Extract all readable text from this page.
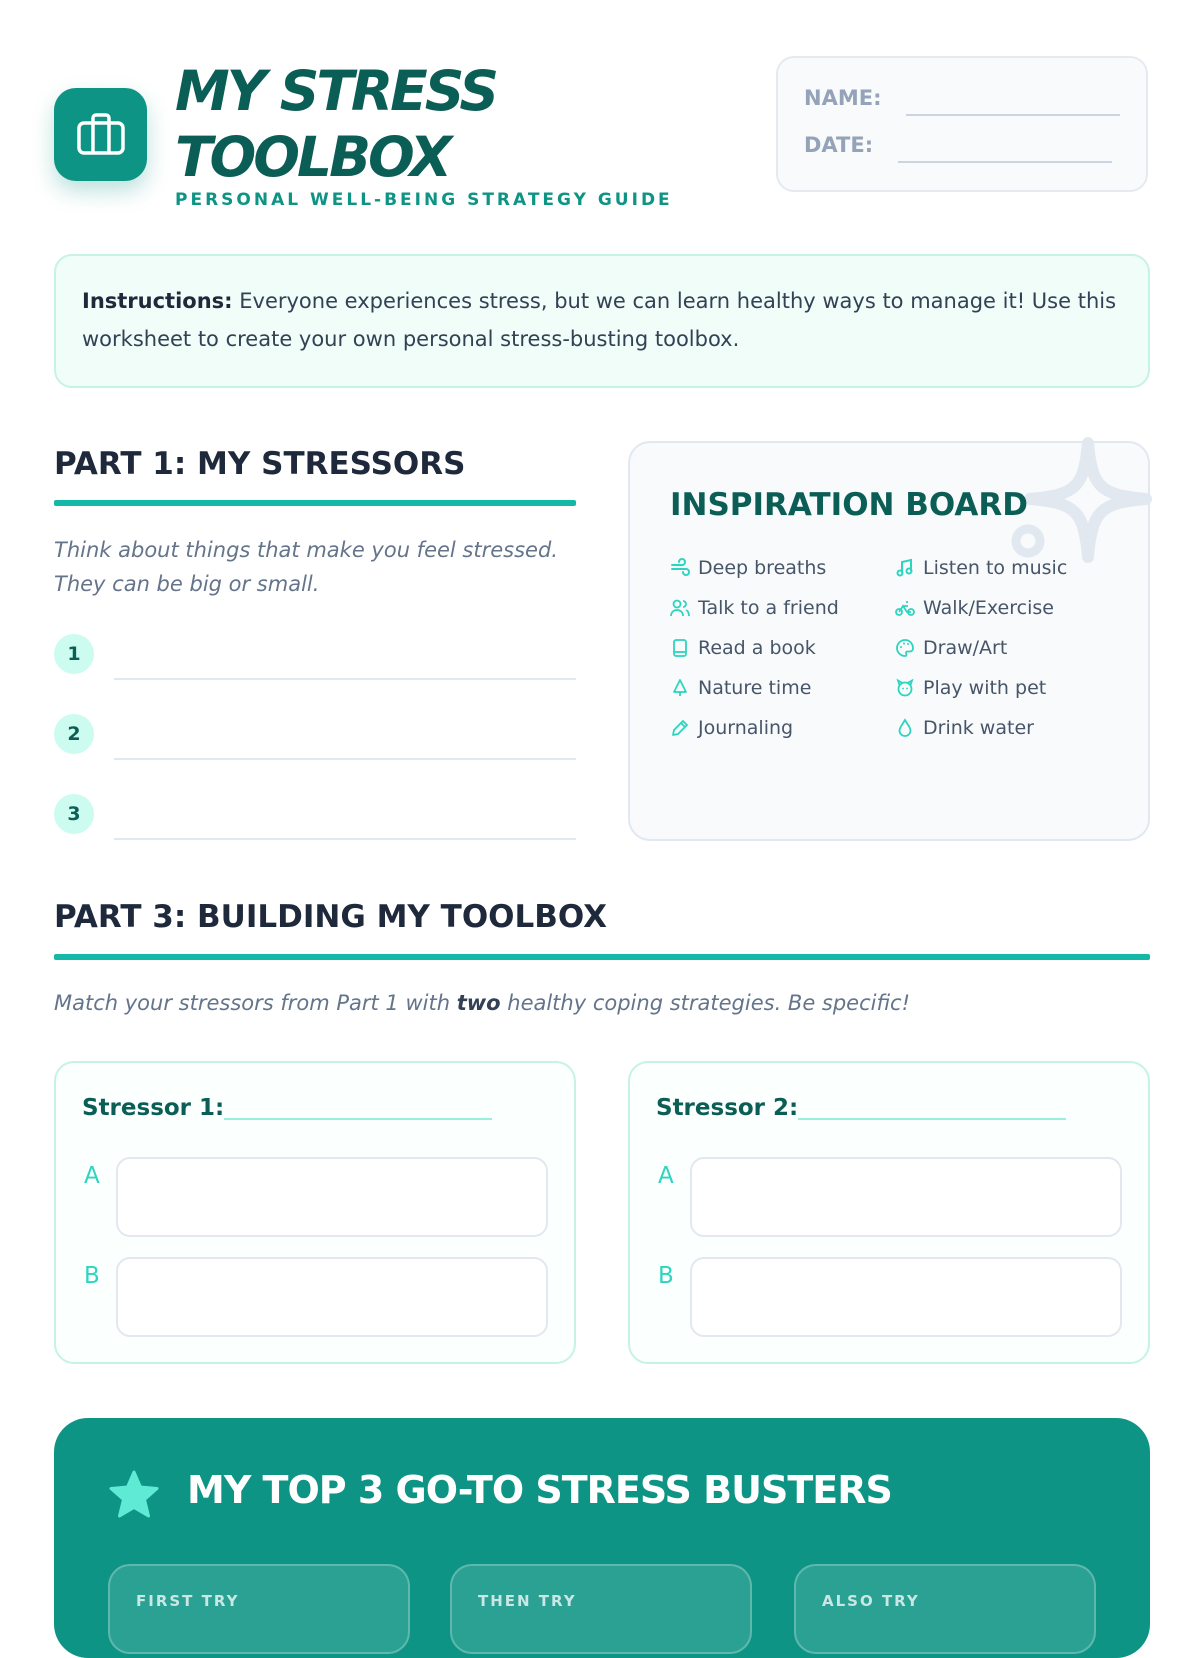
MY STRESS
TOOLBOX
PERSONAL WELL-BEING STRATEGY GUIDE
NAME:
DATE:
Instructions: Everyone experiences stress, but we can learn healthy ways to manage it! Use this worksheet to create your own personal stress-busting toolbox.
PART 1: MY STRESSORS
Think about things that make you feel stressed. They can be big or small.
1
2
3
INSPIRATION BOARD
Deep breaths	Listen to music
Talk to a friend	Walk/Exercise
Read a book	Draw/Art
Nature time	Play with pet
Journaling	Drink water
PART 3: BUILDING MY TOOLBOX
Match your stressors from Part 1 with two healthy coping strategies. Be specific!
Stressor 1:
A
B
Stressor 2:
A
B
MY TOP 3 GO-TO STRESS BUSTERS
FIRST TRY	THEN TRY	ALSO TRY
